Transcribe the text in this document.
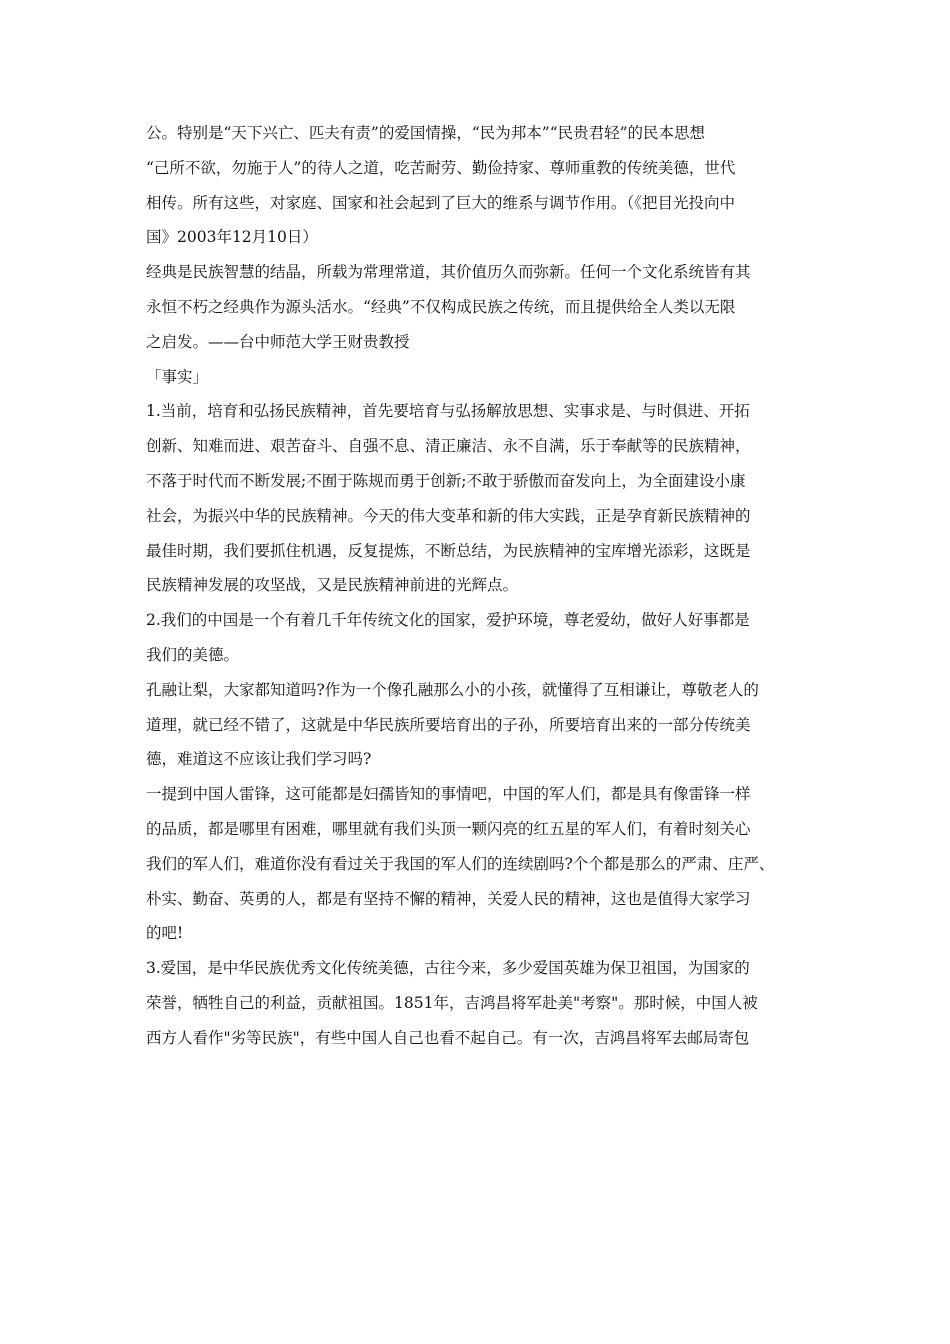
公。特别是“天下兴亡、匹夫有责”的爱国情操，“民为邦本”“民贵君轻”的民本思想
“己所不欲，勿施于人”的待人之道，吃苦耐劳、勤俭持家、尊师重教的传统美德，世代
相传。所有这些，对家庭、国家和社会起到了巨大的维系与调节作用。（《把目光投向中
国》2003年12月10日）
经典是民族智慧的结晶，所载为常理常道，其价值历久而弥新。任何一个文化系统皆有其
永恒不朽之经典作为源头活水。“经典”不仅构成民族之传统，而且提供给全人类以无限
之启发。——台中师范大学王财贵教授
「事实」
1.当前，培育和弘扬民族精神，首先要培育与弘扬解放思想、实事求是、与时俱进、开拓
创新、知难而进、艰苦奋斗、自强不息、清正廉洁、永不自满，乐于奉献等的民族精神，
不落于时代而不断发展;不囿于陈规而勇于创新;不敢于骄傲而奋发向上，为全面建设小康
社会，为振兴中华的民族精神。今天的伟大变革和新的伟大实践，正是孕育新民族精神的
最佳时期，我们要抓住机遇，反复提炼，不断总结，为民族精神的宝库增光添彩，这既是
民族精神发展的攻坚战，又是民族精神前进的光辉点。
2.我们的中国是一个有着几千年传统文化的国家，爱护环境，尊老爱幼，做好人好事都是
我们的美德。
孔融让梨，大家都知道吗?作为一个像孔融那么小的小孩，就懂得了互相谦让，尊敬老人的
道理，就已经不错了，这就是中华民族所要培育出的子孙，所要培育出来的一部分传统美
德，难道这不应该让我们学习吗?
一提到中国人雷锋，这可能都是妇孺皆知的事情吧，中国的军人们，都是具有像雷锋一样
的品质，都是哪里有困难，哪里就有我们头顶一颗闪亮的红五星的军人们，有着时刻关心
我们的军人们，难道你没有看过关于我国的军人们的连续剧吗?个个都是那么的严肃、庄严、
朴实、勤奋、英勇的人，都是有坚持不懈的精神，关爱人民的精神，这也是值得大家学习
的吧!
3.爱国，是中华民族优秀文化传统美德，古往今来，多少爱国英雄为保卫祖国，为国家的
荣誉，牺牲自己的利益，贡献祖国。1851年，吉鸿昌将军赴美"考察"。那时候，中国人被
西方人看作"劣等民族"，有些中国人自己也看不起自己。有一次，吉鸿昌将军去邮局寄包
